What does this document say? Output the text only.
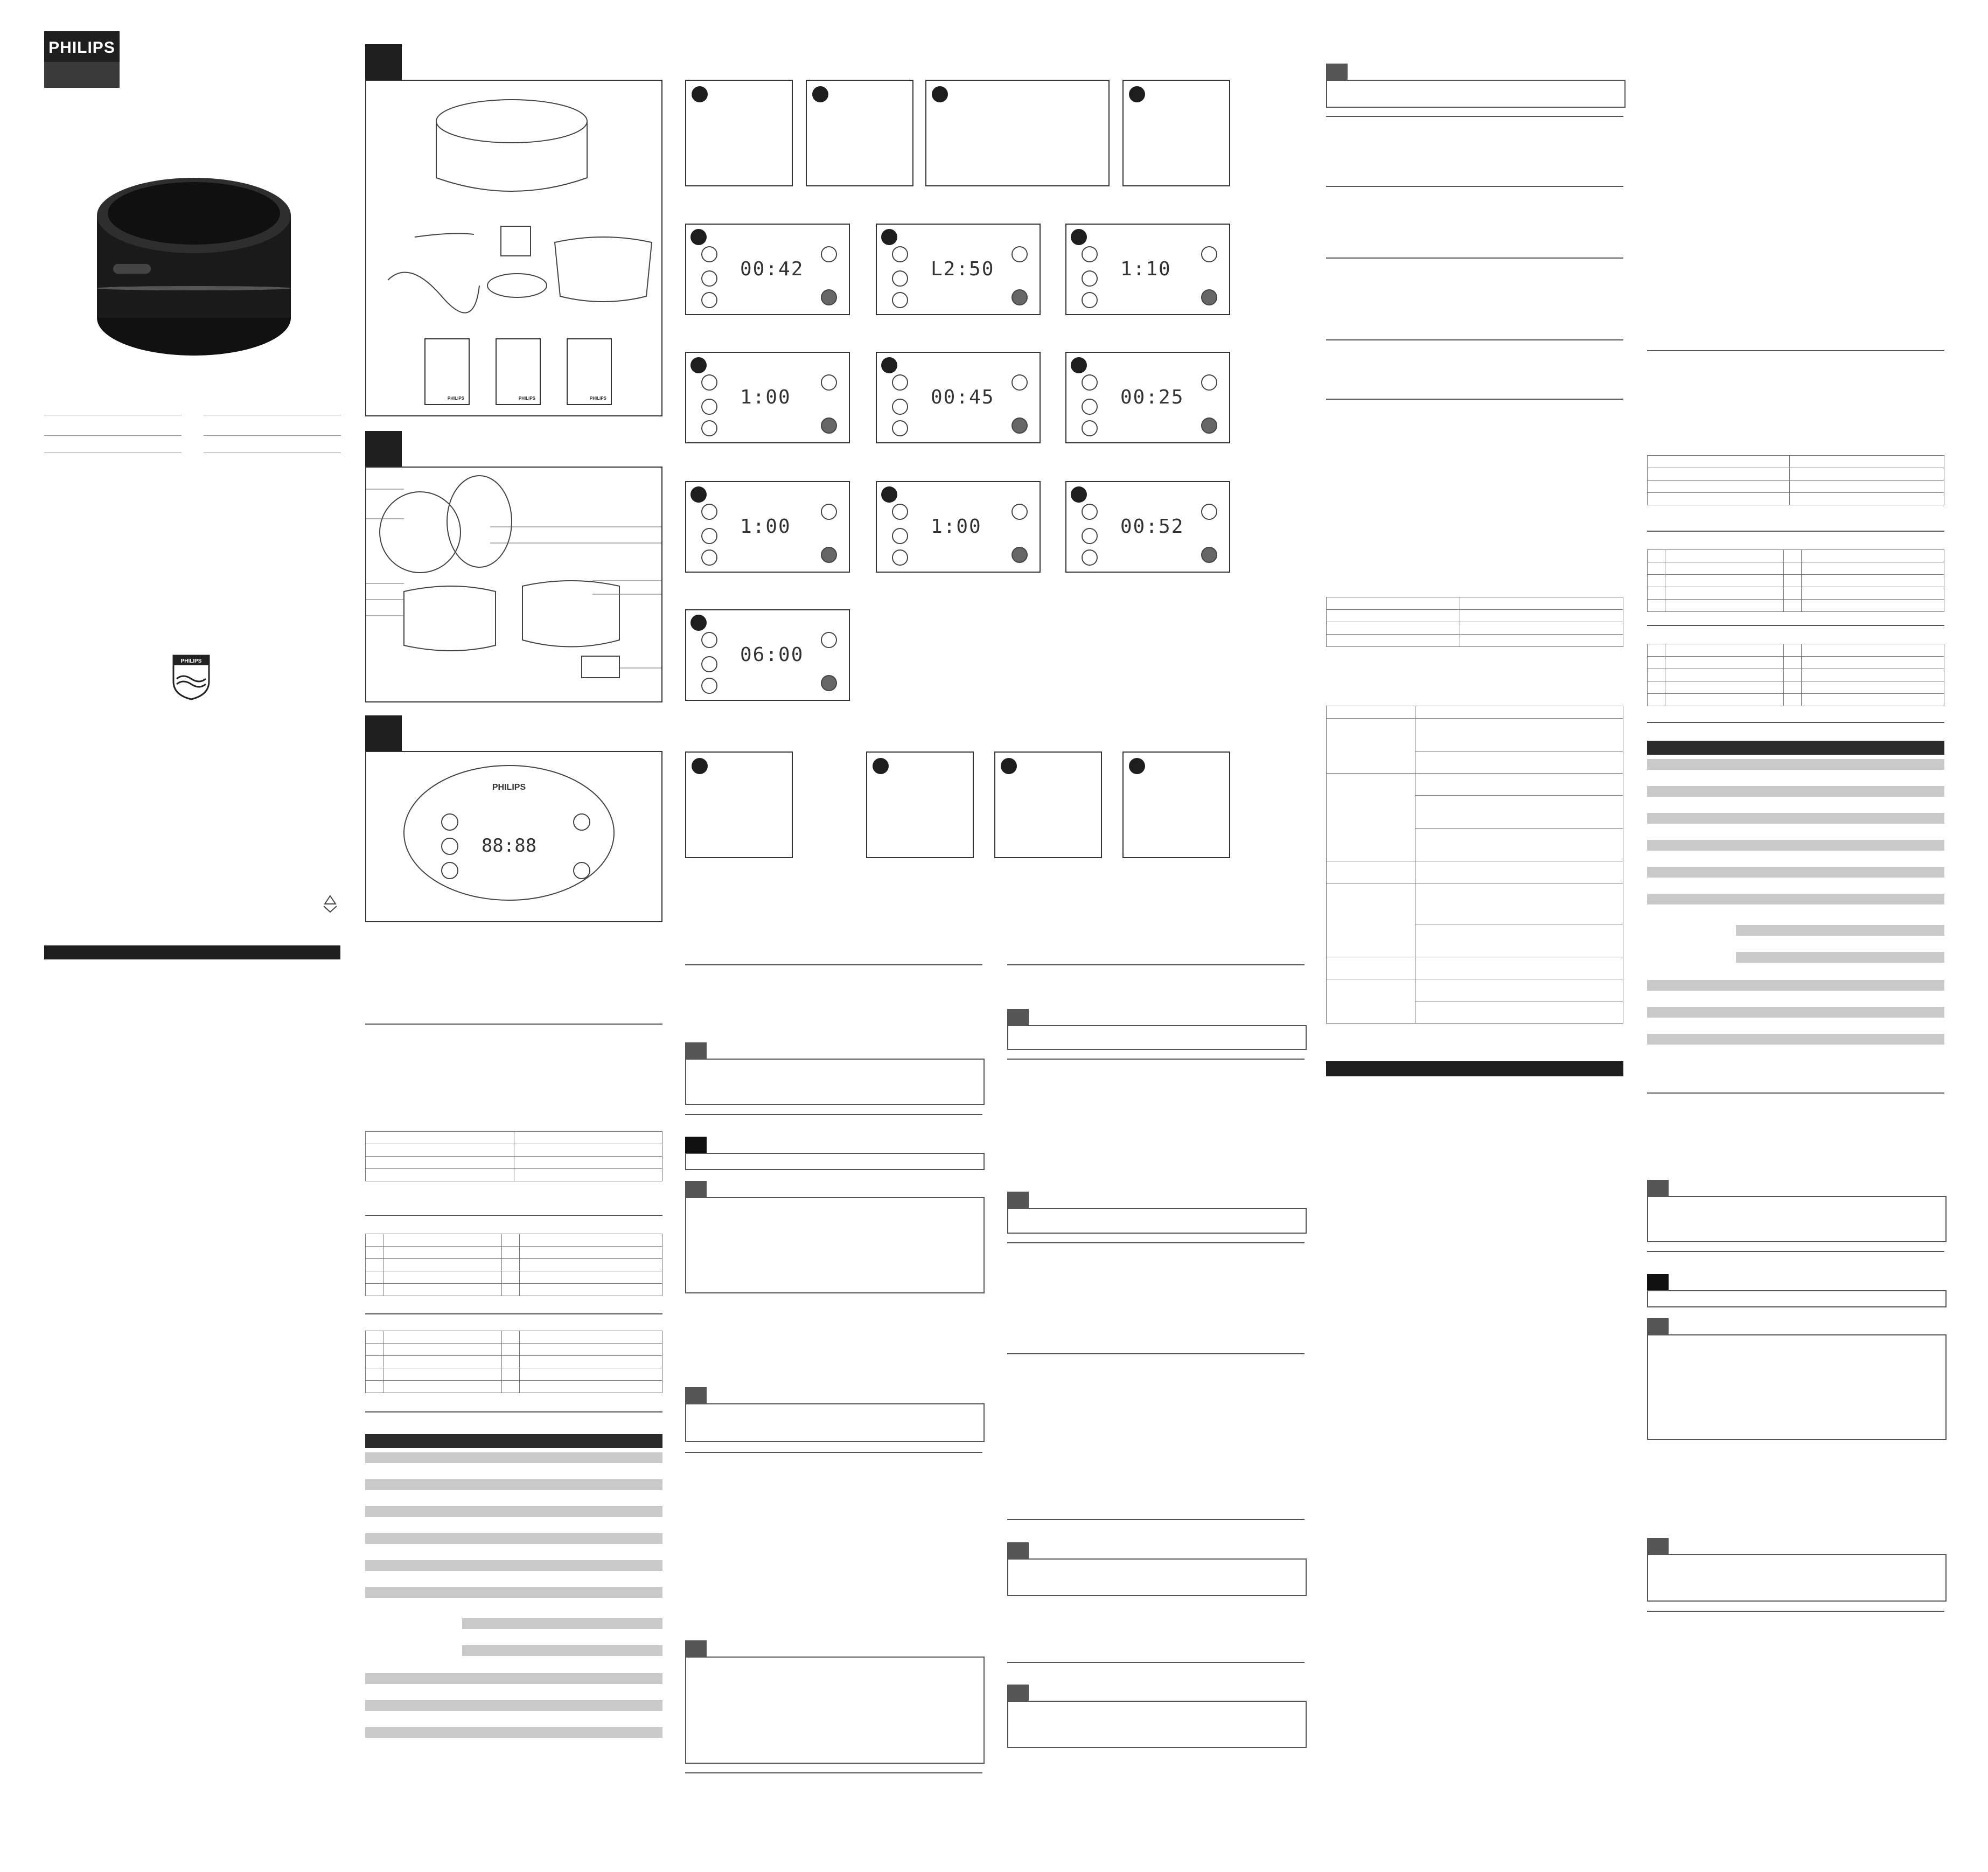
PHILIPS
PHILIPS
PHILIPS	PHILIPS	PHILIPS
PHILIPS
88:88

00:42	L2:50	1:10
1:00	00:45	00:25
1:00	1:00	00:52
06:00
